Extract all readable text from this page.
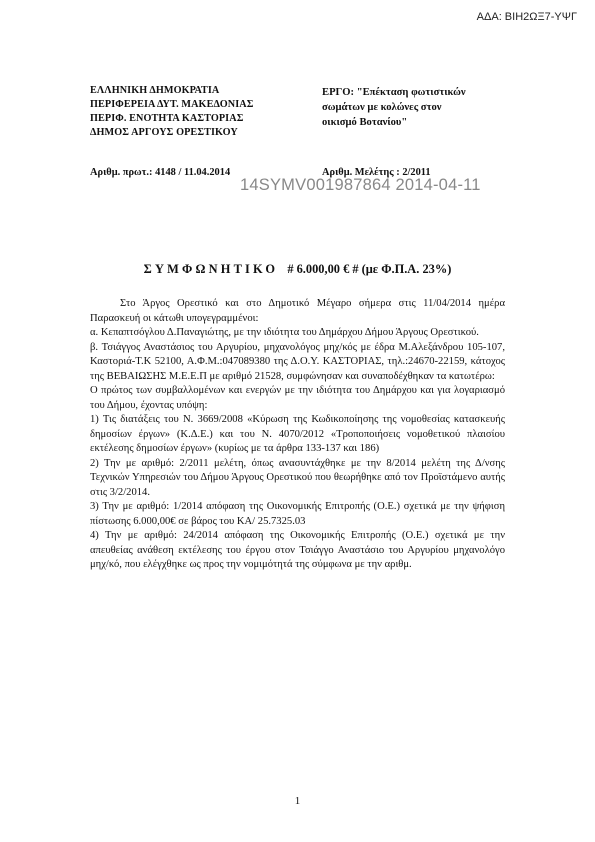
ΑΔΑ: ΒΙΗ2ΩΞ7-ΥΨΓ
ΕΛΛΗΝΙΚΗ ΔΗΜΟΚΡΑΤΙΑ
ΠΕΡΙΦΕΡΕΙΑ ΔΥΤ. ΜΑΚΕΔΟΝΙΑΣ
ΠΕΡΙΦ. ΕΝΟΤΗΤΑ ΚΑΣΤΟΡΙΑΣ
ΔΗΜΟΣ ΑΡΓΟΥΣ ΟΡΕΣΤΙΚΟΥ
ΕΡΓΟ: "Επέκταση φωτιστικών
σωμάτων με κολώνες στον
οικισμό Βοτανίου"
Αριθμ. πρωτ.: 4148 / 11.04.2014	Αριθμ. Μελέτης : 2/2011
14SYMV001987864 2014-04-11
ΣΥΜΦΩΝΗΤΙΚΟ # 6.000,00 € # (με Φ.Π.Α. 23%)

Στο Άργος Ορεστικό και στο Δημοτικό Μέγαρο σήμερα στις 11/04/2014 ημέρα Παρασκευή οι κάτωθι υπογεγραμμένοι:

α. Κεπαπτσόγλου Δ.Παναγιώτης, με την ιδιότητα του Δημάρχου Δήμου Άργους Ορεστικού.

β. Τσιάγγος Αναστάσιος του Αργυρίου, μηχανολόγος μηχ/κός με έδρα Μ.Αλεξάνδρου 105-107, Καστοριά-Τ.Κ 52100, Α.Φ.Μ.:047089380 της Δ.Ο.Υ. ΚΑΣΤΟΡΙΑΣ, τηλ.:24670-22159, κάτοχος της ΒΕΒΑΙΩΣΗΣ Μ.Ε.Ε.Π με αριθμό 21528, συμφώνησαν και συναποδέχθηκαν τα κατωτέρω:

Ο πρώτος των συμβαλλομένων και ενεργών με την ιδιότητα του Δημάρχου και για λογαριασμό του Δήμου, έχοντας υπόψη:

1) Τις διατάξεις του Ν. 3669/2008 «Κύρωση της Κωδικοποίησης της νομοθεσίας κατασκευής δημοσίων έργων» (Κ.Δ.Ε.) και του Ν. 4070/2012 «Τροποποιήσεις νομοθετικού πλαισίου εκτέλεσης δημοσίων έργων» (κυρίως με τα άρθρα 133-137 και 186)

2) Την με αριθμό: 2/2011 μελέτη, όπως ανασυντάχθηκε με την 8/2014 μελέτη της Δ/νσης Τεχνικών Υπηρεσιών του Δήμου Άργους Ορεστικού που θεωρήθηκε από τον Προϊστάμενο αυτής στις 3/2/2014.

3) Την με αριθμό: 1/2014 απόφαση της Οικονομικής Επιτροπής (Ο.Ε.) σχετικά με την ψήφιση πίστωσης 6.000,00€ σε βάρος του ΚΑ/ 25.7325.03

4) Την με αριθμό: 24/2014 απόφαση της Οικονομικής Επιτροπής (Ο.Ε.) σχετικά με την απευθείας ανάθεση εκτέλεσης του έργου στον Τσιάγγο Αναστάσιο του Αργυρίου μηχανολόγο μηχ/κό, που ελέγχθηκε ως προς την νομιμότητά της σύμφωνα με την αριθμ.

1
